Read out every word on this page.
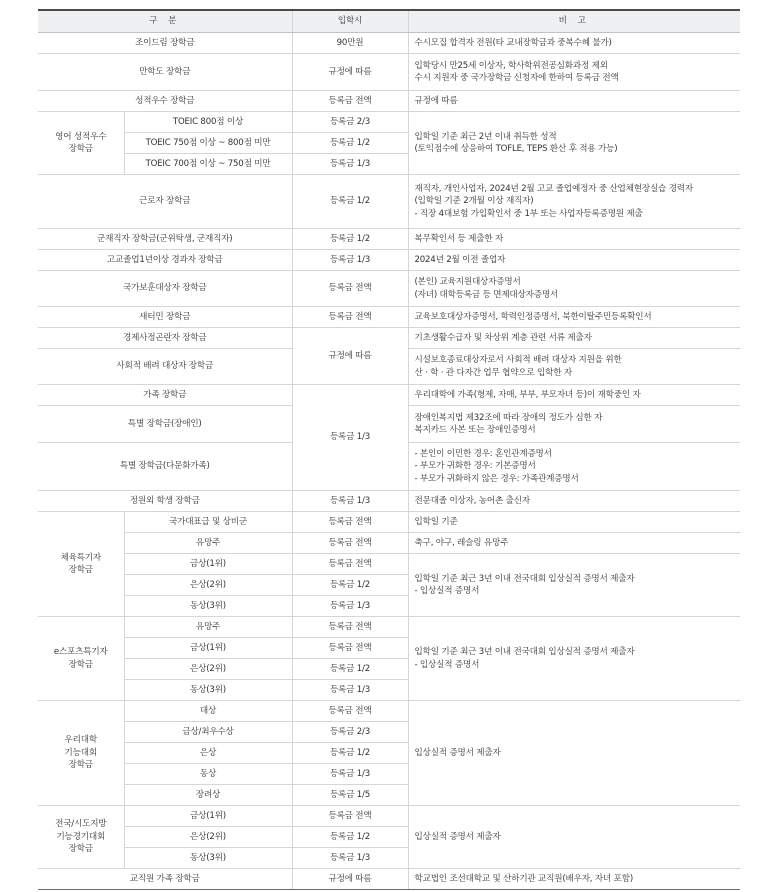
구 분		입학시	비 고
조이드림 장학금		90만원	수시모집 합격자 전원(타 교내장학금과 중복수혜 불가)

만학도 장학금		규정에 따름	입학당시 만25세 이상자, 학사학위전공심화과정 제외
수시 지원자 중 국가장학금 신청자에 한하여 등록금 전액

성적우수 장학금		등록금 전액	규정에 따름

영어 성적우수
장학금	TOEIC 800점 이상	등록금 2/3	입학일 기준 최근 2년 이내 취득한 성적
(토익점수에 상응하여 TOFLE, TEPS 환산 후 적용 가능)

	TOEIC 750점 이상 ~ 800점 미만	등록금 1/2	
	TOEIC 700점 이상 ~ 750점 미만	등록금 1/3	
근로자 장학금		등록금 1/2	재직자, 개인사업자, 2024년 2월 고교 졸업예정자 중 산업체현장실습 경력자
(입학일 기준 2개월 이상 재직자)
- 직장 4대보험 가입확인서 중 1부 또는 사업자등록증명원 제출

군재직자 장학금(군위탁생, 군재직자)		등록금 1/2	복무확인서 등 제출한 자

고교졸업1년이상 경과자 장학금		등록금 1/3	2024년 2월 이전 졸업자

국가보훈대상자 장학금		등록금 전액	(본인) 교육지원대상자증명서
(자녀) 대학등록금 등 면제대상자증명서

새터민 장학금		등록금 전액	교육보호대상자증명서, 학력인정증명서, 북한이탈주민등록확인서

경제사정곤란자 장학금		규정에 따름	기초생활수급자 및 차상위 계층 관련 서류 제출자

사회적 배려 대상자 장학금			시설보호종료대상자로서 사회적 배려 대상자 지원을 위한
산 · 학 · 관 다자간 업무 협약으로 입학한 자

가족 장학금		등록금 1/3	우리대학에 가족(형제, 자매, 부부, 부모자녀 등)이 재학중인 자

특별 장학금(장애인)			장애인복지법 제32조에 따라 장애의 정도가 심한 자
복지카드 사본 또는 장애인증명서

특별 장학금(다문화가족)			- 본인이 이민한 경우: 혼인관계증명서
- 부모가 귀화한 경우: 기본증명서
- 부모가 귀화하지 않은 경우: 가족관계증명서

정원외 학생 장학금		등록금 1/3	전문대졸 이상자, 농어촌 출신자

체육특기자
장학금	국가대표급 및 상비군	등록금 전액	입학일 기준

	유망주	등록금 전액	축구, 야구, 레슬링 유망주

	금상(1위)	등록금 전액	입학일 기준 최근 3년 이내 전국대회 입상실적 증명서 제출자
- 입상실적 증명서

	은상(2위)	등록금 1/2	
	동상(3위)	등록금 1/3	

e스포츠특기자
장학금	유망주	등록금 전액	입학일 기준 최근 3년 이내 전국대회 입상실적 증명서 제출자
- 입상실적 증명서

	금상(1위)	등록금 전액	
	은상(2위)	등록금 1/2	
	동상(3위)	등록금 1/3	

우리대학
기능대회
장학금	대상	등록금 전액	입상실적 증명서 제출자

	금상/최우수상	등록금 2/3	
	은상	등록금 1/2	
	동상	등록금 1/3	
	장려상	등록금 1/5	

전국/시도지방
기능경기대회
장학금	금상(1위)	등록금 전액	입상실적 증명서 제출자

	은상(2위)	등록금 1/2	
	동상(3위)	등록금 1/3	
교직원 가족 장학금		규정에 따름	학교법인 조선대학교 및 산하기관 교직원(배우자, 자녀 포함)
